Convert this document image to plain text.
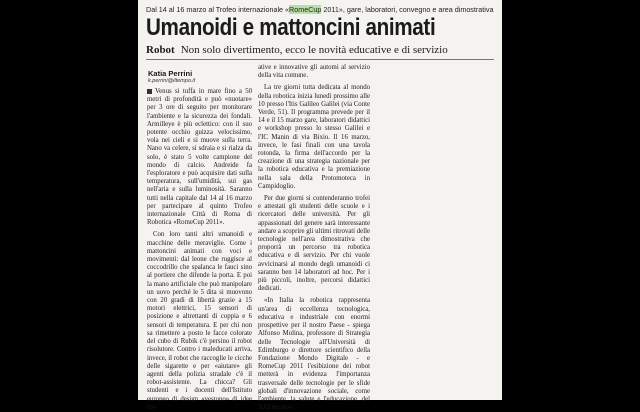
Dal 14 al 16 marzo al Trofeo internazionale «RomeCup 2011», gare, laboratori, convegno e area dimostrativa
Umanoidi e mattoncini animati
Robot Non solo divertimento, ecco le novità educative e di servizio
Katia Perrini
k.perrini@iltempo.it

Venus si tuffa in mare fino a 50 metri di profondità e può «nuotare» per 3 ore di seguito per monitorare l'ambiente e la sicurezza dei fondali. Armilleye è più eclettico: con il suo potente occhio guizza velocissimo, vola nei cieli e si muove sulla terra. Nano va celere, si sdraia e si rialza da solo, è stato 5 volte campione del mondo di calcio. Andreide fa l'esploratore e può acquisire dati sulla temperatura, sull'umidità, sui gas nell'aria e sulla luminosità. Saranno tutti nella capitale dal 14 al 16 marzo per partecipare al quinto Trofeo internazionale Città di Roma di Robotica «RomeCup 2011».

Con loro tanti altri umanoidi e macchine delle meraviglie. Come i mattoncini animati con voci e movimenti: dal leone che ruggisce al coccodrillo che spalanca le fauci sino al portiere che difende la porta. E poi la mano artificiale che può manipolare un uovo perché le 5 dita si muovono con 20 gradi di libertà grazie a 15 motori elettrici, 15 sensori di posizione e altrettanti di coppia e 6 sensori di temperatura. E per chi non sa rimettere a posto le facce colorate del cubo di Rubik c'è persino il robot risolutore. Contro i maleducati arriva, invece, il robot che raccoglie le cicche delle sigarette e per «aiutare» gli agenti della polizia stradale c'è il robot-assistente. La chicca? Gli studenti e i docenti dell'Istituto europeo di design «vestono» di idee cre-

ative e innovative gli automi al servizio della vita comune.

La tre giorni tutta dedicata al mondo della robotica inizia lunedì prossimo alle 10 presso l'Itis Galileo Galilei (via Conte Verde, 51). Il programma prevede per il 14 e il 15 marzo gare, laboratori didattici e workshop presso lo stesso Galilei e l'IC Manin di via Bixio. Il 16 marzo, invece, le fasi finali con una tavola rotonda, la firma dell'accordo per la creazione di una strategia nazionale per la robotica educativa e la premiazione nella sala della Protomoteca in Campidoglio.

Per due giorni si contenderanno trofei e attestati gli studenti delle scuole e i ricercatori delle università. Per gli appassionati del genere sarà interessante andare a scoprire gli ultimi ritrovati delle tecnologie nell'area dimostrativa che proporrà un percorso tra robotica educativa e di servizio. Per chi vuole avvicinarsi al mondo degli umanoidi ci saranno ben 14 laboratori ad hoc. Per i più piccoli, inoltre, percorsi didattici dedicati.

«In Italia la robotica rappresenta un'area di eccellenza tecnologica, educativa e industriale con enormi prospettive per il nostro Paese - spiega Alfonso Molina, professore di Strategia delle Tecnologie all'Università di Edimburgo e direttore scientifico della Fondazione Mondo Digitale - e RomeCup 2011 l'esibizione dei robot metterà in evidenza l'importanza trasversale delle tecnologie per le sfide globali d'innovazione sociale, come l'ambiente, la salute e l'educazione, del XXI secolo».
